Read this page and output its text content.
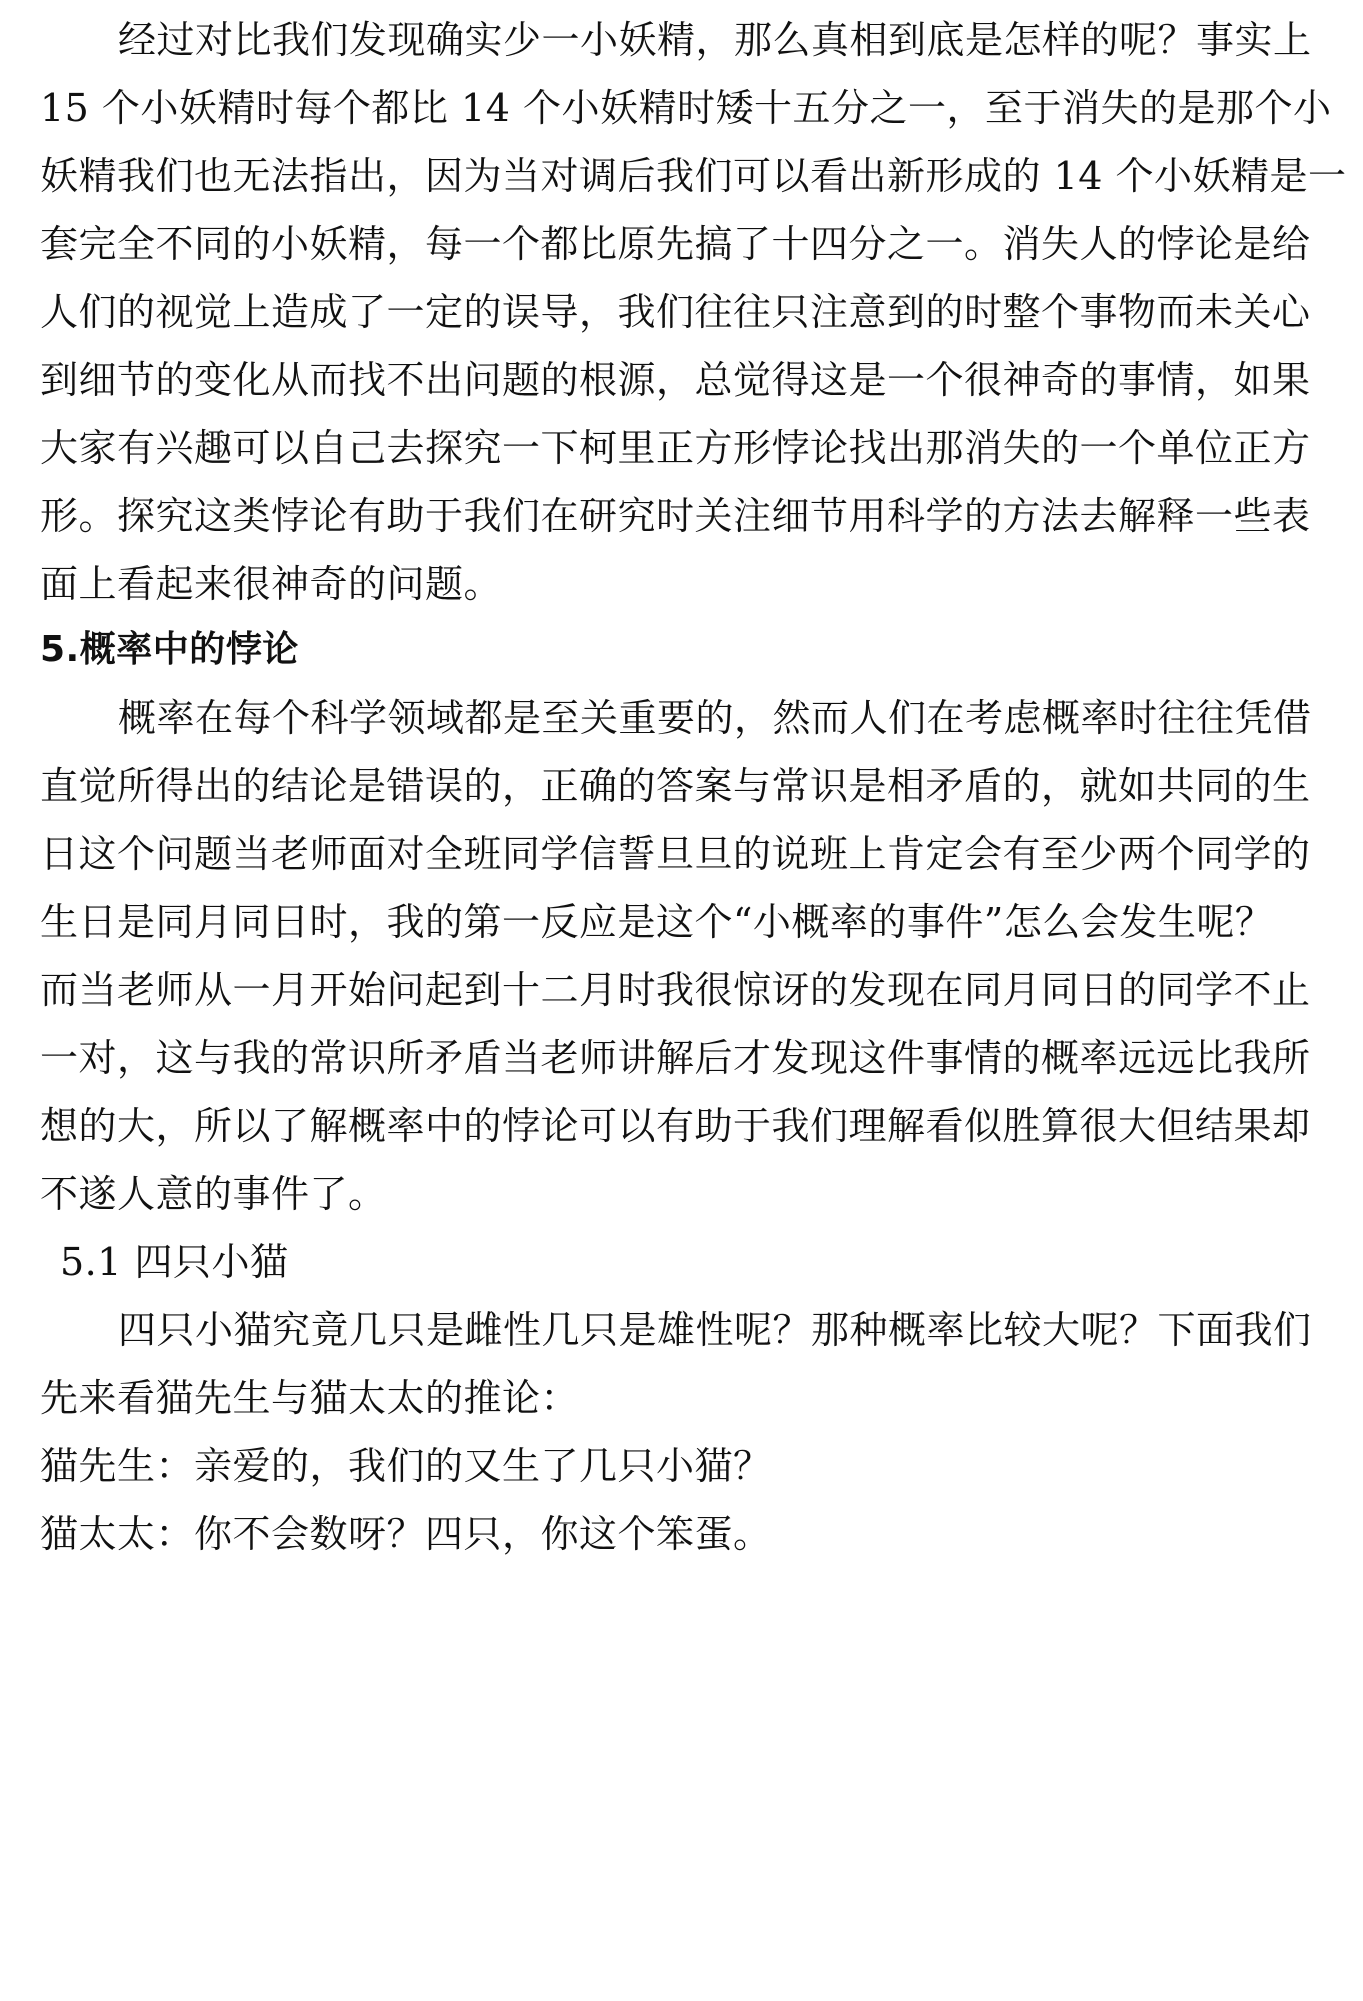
经过对比我们发现确实少一小妖精，那么真相到底是怎样的呢？事实上
15 个小妖精时每个都比 14 个小妖精时矮十五分之一，至于消失的是那个小
妖精我们也无法指出，因为当对调后我们可以看出新形成的 14 个小妖精是一
套完全不同的小妖精，每一个都比原先搞了十四分之一。消失人的悖论是给
人们的视觉上造成了一定的误导，我们往往只注意到的时整个事物而未关心
到细节的变化从而找不出问题的根源，总觉得这是一个很神奇的事情，如果
大家有兴趣可以自己去探究一下柯里正方形悖论找出那消失的一个单位正方
形。探究这类悖论有助于我们在研究时关注细节用科学的方法去解释一些表
面上看起来很神奇的问题。
5.概率中的悖论
概率在每个科学领域都是至关重要的，然而人们在考虑概率时往往凭借
直觉所得出的结论是错误的，正确的答案与常识是相矛盾的，就如共同的生
日这个问题当老师面对全班同学信誓旦旦的说班上肯定会有至少两个同学的
生日是同月同日时，我的第一反应是这个“小概率的事件”怎么会发生呢？
而当老师从一月开始问起到十二月时我很惊讶的发现在同月同日的同学不止
一对，这与我的常识所矛盾当老师讲解后才发现这件事情的概率远远比我所
想的大，所以了解概率中的悖论可以有助于我们理解看似胜算很大但结果却
不遂人意的事件了。
5.1 四只小猫
四只小猫究竟几只是雌性几只是雄性呢？那种概率比较大呢？下面我们
先来看猫先生与猫太太的推论：
猫先生：亲爱的，我们的又生了几只小猫？
猫太太：你不会数呀？四只，你这个笨蛋。
